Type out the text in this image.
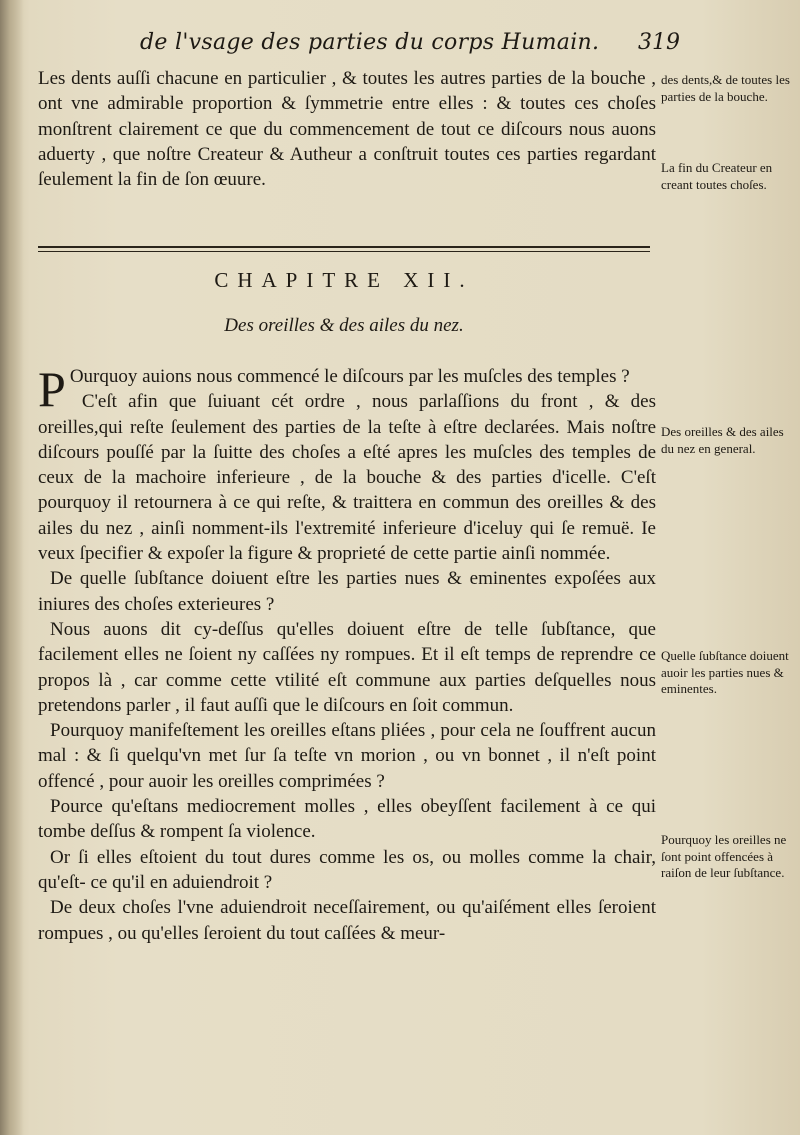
de l'vsage des parties du corps Humain. 319

Les dents auſſi chacune en particulier , & toutes les autres parties de la bouche , ont vne admirable proportion & ſymmetrie entre elles : & toutes ces choſes monſtrent clairement ce que du commencement de tout ce diſcours nous auons aduerty , que noſtre Createur & Autheur a conſtruit toutes ces parties regardant ſeulement la fin de ſon œuure.

CHAPITRE XII.
Des oreilles & des ailes du nez.

P Ourquoy auions nous commencé le diſcours par les muſcles des temples ?

C'eſt afin que ſuiuant cét ordre , nous parlaſſions du front , & des oreilles,qui reſte ſeulement des parties de la teſte à eſtre declarées. Mais noſtre diſcours pouſſé par la ſuitte des choſes a eſté apres les muſcles des temples de ceux de la machoire inferieure , de la bouche & des parties d'icelle. C'eſt pourquoy il retournera à ce qui reſte, & traittera en commun des oreilles & des ailes du nez , ainſi nomment-ils l'extremité inferieure d'iceluy qui ſe remuë. Ie veux ſpecifier & expoſer la figure & proprieté de cette partie ainſi nommée.

De quelle ſubſtance doiuent eſtre les parties nues & eminentes expoſées aux iniures des choſes exterieures ?

Nous auons dit cy-deſſus qu'elles doiuent eſtre de telle ſubſtance, que facilement elles ne ſoient ny caſſées ny rompues. Et il eſt temps de reprendre ce propos là , car comme cette vtilité eſt commune aux parties deſquelles nous pretendons parler , il faut auſſi que le diſcours en ſoit commun.

Pourquoy manifeſtement les oreilles eſtans pliées , pour cela ne ſouffrent aucun mal : & ſi quelqu'vn met ſur ſa teſte vn morion , ou vn bonnet , il n'eſt point offencé , pour auoir les oreilles comprimées ?

Pource qu'eſtans mediocrement molles , elles obeyſſent facilement à ce qui tombe deſſus & rompent ſa violence.

Or ſi elles eſtoient du tout dures comme les os, ou molles comme la chair, qu'eſt- ce qu'il en aduiendroit ?

De deux choſes l'vne aduiendroit neceſſairement, ou qu'aiſément elles ſeroient rompues , ou qu'elles ſeroient du tout caſſées & meur-

des dents,& de toutes les parties de la bouche.
La fin du Createur en creant toutes choſes.
Des oreilles & des ailes du nez en general.
Quelle ſubſtance doiuent auoir les parties nues & eminentes.
Pourquoy les oreilles ne ſont point offencées à raiſon de leur ſubſtance.
